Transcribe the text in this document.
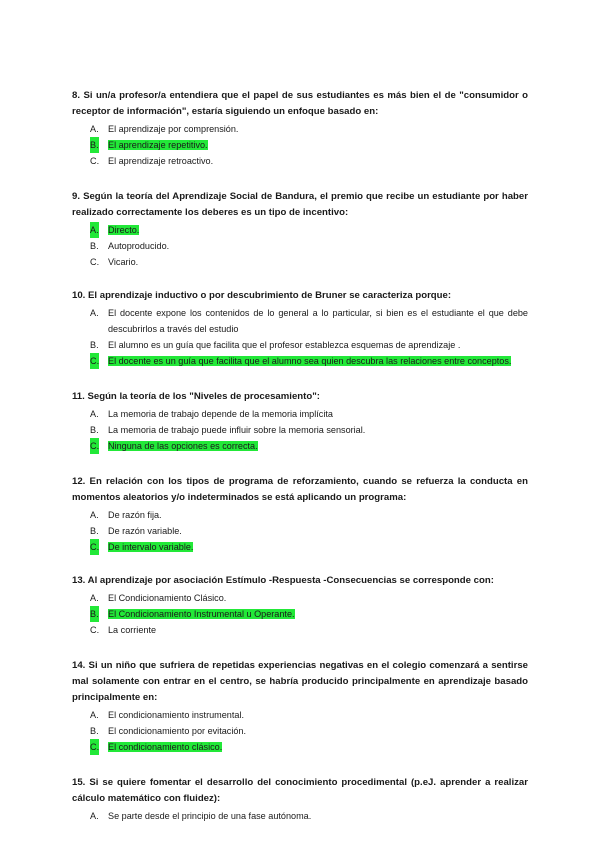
8. Si un/a profesor/a entendiera que el papel de sus estudiantes es más bien el de "consumidor o receptor de información", estaría siguiendo un enfoque basado en:

A. El aprendizaje por comprensión.
B. El aprendizaje repetitivo.
C. El aprendizaje retroactivo.

9. Según la teoría del Aprendizaje Social de Bandura, el premio que recibe un estudiante por haber realizado correctamente los deberes es un tipo de incentivo:

A. Directo.
B. Autoproducido.
C. Vicario.

10. El aprendizaje inductivo o por descubrimiento de Bruner se caracteriza porque:

A. El docente expone los contenidos de lo general a lo particular, si bien es el estudiante el que debe descubrirlos a través del estudio
B. El alumno es un guía que facilita que el profesor establezca esquemas de aprendizaje .
C. El docente es un guía que facilita que el alumno sea quien descubra las relaciones entre conceptos.

11. Según la teoría de los "Niveles de procesamiento":

A. La memoria de trabajo depende de la memoria implícita
B. La memoria de trabajo puede influir sobre la memoria sensorial.
C. Ninguna de las opciones es correcta.

12. En relación con los tipos de programa de reforzamiento, cuando se refuerza la conducta en momentos aleatorios y/o indeterminados se está aplicando un programa:

A. De razón fija.
B. De razón variable.
C. De intervalo variable.

13. Al aprendizaje por asociación Estímulo -Respuesta -Consecuencias se corresponde con:

A. El Condicionamiento Clásico.
B. El Condicionamiento Instrumental u Operante.
C. La corriente

14. Si un niño que sufriera de repetidas experiencias negativas en el colegio comenzará a sentirse mal solamente con entrar en el centro, se habría producido principalmente en aprendizaje basado principalmente en:

A. El condicionamiento instrumental.
B. El condicionamiento por evitación.
C. El condicionamiento clásico.

15. Si se quiere fomentar el desarrollo del conocimiento procedimental (p.eJ. aprender a realizar cálculo matemático con fluidez):

A. Se parte desde el principio de una fase autónoma.
